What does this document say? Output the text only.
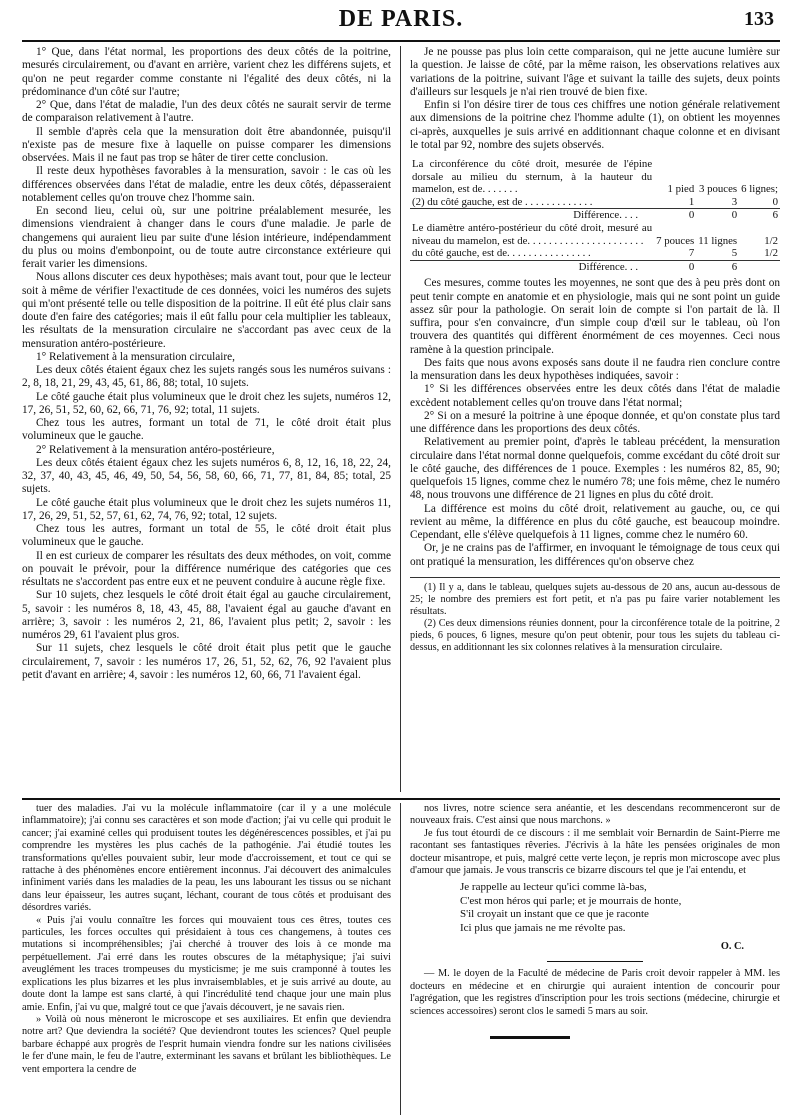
DE PARIS.	133

1° Que, dans l'état normal, les proportions des deux côtés de la poitrine, mesurés circulairement, ou d'avant en arrière, varient chez les différens sujets, et qu'on ne peut regarder comme constante ni l'égalité des deux côtés, ni la prédominance d'un côté sur l'autre;

2° Que, dans l'état de maladie, l'un des deux côtés ne saurait servir de terme de comparaison relativement à l'autre.

Il semble d'après cela que la mensuration doit être abandonnée, puisqu'il n'existe pas de mesure fixe à laquelle on puisse comparer les dimensions observées. Mais il ne faut pas trop se hâter de tirer cette conclusion.

Il reste deux hypothèses favorables à la mensuration, savoir : le cas où les différences observées dans l'état de maladie, entre les deux côtés, dépasseraient notablement celles qu'on trouve chez l'homme sain.

En second lieu, celui où, sur une poitrine préalablement mesurée, les dimensions viendraient à changer dans le cours d'une maladie. Je parle de changemens qui auraient lieu par suite d'une lésion intérieure, indépendamment du plus ou moins d'embonpoint, ou de toute autre circonstance extérieure qui ferait varier les dimensions.

Nous allons discuter ces deux hypothèses; mais avant tout, pour que le lecteur soit à même de vérifier l'exactitude de ces données, voici les numéros des sujets qui m'ont présenté telle ou telle disposition de la poitrine. Il eût été plus clair sans doute d'en faire des catégories; mais il eût fallu pour cela multiplier les tableaux, les résultats de la mensuration circulaire ne s'accordant pas avec ceux de la mensuration antéro-postérieure.

1° Relativement à la mensuration circulaire,

Les deux côtés étaient égaux chez les sujets rangés sous les numéros suivans : 2, 8, 18, 21, 29, 43, 45, 61, 86, 88; total, 10 sujets.

Le côté gauche était plus volumineux que le droit chez les sujets, numéros 12, 17, 26, 51, 52, 60, 62, 66, 71, 76, 92; total, 11 sujets.

Chez tous les autres, formant un total de 71, le côté droit était plus volumineux que le gauche.

2° Relativement à la mensuration antéro-postérieure,

Les deux côtés étaient égaux chez les sujets numéros 6, 8, 12, 16, 18, 22, 24, 32, 37, 40, 43, 45, 46, 49, 50, 54, 56, 58, 60, 66, 71, 77, 81, 84, 85; total, 25 sujets.

Le côté gauche était plus volumineux que le droit chez les sujets numéros 11, 17, 26, 29, 51, 52, 57, 61, 62, 74, 76, 92; total, 12 sujets.

Chez tous les autres, formant un total de 55, le côté droit était plus volumineux que le gauche.

Il en est curieux de comparer les résultats des deux méthodes, on voit, comme on pouvait le prévoir, pour la différence numérique des catégories que ces résultats ne s'accordent pas entre eux et ne peuvent conduire à aucune règle fixe.

Sur 10 sujets, chez lesquels le côté droit était égal au gauche circulairement, 5, savoir : les numéros 8, 18, 43, 45, 88, l'avaient égal au gauche d'avant en arrière; 3, savoir : les numéros 2, 21, 86, l'avaient plus petit; 2, savoir : les numéros 29, 61 l'avaient plus gros.

Sur 11 sujets, chez lesquels le côté droit était plus petit que le gauche circulairement, 7, savoir : les numéros 17, 26, 51, 52, 62, 76, 92 l'avaient plus petit d'avant en arrière; 4, savoir : les numéros 12, 60, 66, 71 l'avaient égal.

Je ne pousse pas plus loin cette comparaison, qui ne jette aucune lumière sur la question. Je laisse de côté, par la même raison, les observations relatives aux variations de la poitrine, suivant l'âge et suivant la taille des sujets, deux points d'ailleurs sur lesquels je n'ai rien trouvé de bien fixe.

Enfin si l'on désire tirer de tous ces chiffres une notion générale relativement aux dimensions de la poitrine chez l'homme adulte (1), on obtient les moyennes ci-après, auxquelles je suis arrivé en additionnant chaque colonne et en divisant le total par 92, nombre des sujets observés.

La circonférence du côté droit, mesurée de l'épine dorsale au milieu du sternum, à la hauteur du mamelon, est de. . . . . . .	1 pied	3 pouces	6 lignes;
(2) du côté gauche, est de . . . . . . . . . . . . .	1	3	0
Différence. . . .	0	0	6
Le diamètre antéro-postérieur du côté droit, mesuré au niveau du mamelon, est de. . . . . . . . . . . . . . . . . . . . . .	7 pouces	11 lignes	1/2
du côté gauche, est de. . . . . . . . . . . . . . . .	7	5	1/2
Différence. . .	0	6	

Ces mesures, comme toutes les moyennes, ne sont que des à peu près dont on peut tenir compte en anatomie et en physiologie, mais qui ne sont point un guide assez sûr pour la pathologie. On serait loin de compte si l'on partait de là. Il suffira, pour s'en convaincre, d'un simple coup d'œil sur le tableau, où l'on trouvera des quantités qui diffèrent énormément de ces moyennes. Ceci nous ramène à la question principale.

Des faits que nous avons exposés sans doute il ne faudra rien conclure contre la mensuration dans les deux hypothèses indiquées, savoir :

1° Si les différences observées entre les deux côtés dans l'état de maladie excèdent notablement celles qu'on trouve dans l'état normal;

2° Si on a mesuré la poitrine à une époque donnée, et qu'on constate plus tard une différence dans les proportions des deux côtés.

Relativement au premier point, d'après le tableau précédent, la mensuration circulaire dans l'état normal donne quelquefois, comme excédant du côté droit sur le côté gauche, des différences de 1 pouce. Exemples : les numéros 82, 85, 90; quelquefois 15 lignes, comme chez le numéro 78; une fois même, chez le numéro 48, nous trouvons une différence de 21 lignes en plus du côté droit.

La différence est moins du côté droit, relativement au gauche, ou, ce qui revient au même, la différence en plus du côté gauche, est beaucoup moindre. Cependant, elle s'élève quelquefois à 11 lignes, comme chez le numéro 60.

Or, je ne crains pas de l'affirmer, en invoquant le témoignage de tous ceux qui ont pratiqué la mensuration, les différences qu'on observe chez

(1) Il y a, dans le tableau, quelques sujets au-dessous de 20 ans, aucun au-dessous de 25; le nombre des premiers est fort petit, et n'a pas pu faire varier notablement les résultats.

(2) Ces deux dimensions réunies donnent, pour la circonférence totale de la poitrine, 2 pieds, 6 pouces, 6 lignes, mesure qu'on peut obtenir, pour tous les sujets du tableau ci-dessus, en additionnant les six colonnes relatives à la mensuration circulaire.

tuer des maladies. J'ai vu la molécule inflammatoire (car il y a une molécule inflammatoire); j'ai connu ses caractères et son mode d'action; j'ai vu celle qui produit le cancer; j'ai examiné celles qui produisent toutes les dégénérescences possibles, et j'ai pu comprendre les mystères les plus cachés de la pathogénie. J'ai étudié toutes les transformations qu'elles pouvaient subir, leur mode d'accroissement, et tout ce qui se rattache à des phénomènes encore entièrement inconnus. J'ai découvert des animalcules infiniment variés dans les maladies de la peau, les uns labourant les tissus ou se nichant dans leur épaisseur, les autres suçant, léchant, courant de tous côtés et produisant des désordres variés.

« Puis j'ai voulu connaître les forces qui mouvaient tous ces êtres, toutes ces particules, les forces occultes qui présidaient à tous ces changemens, à toutes ces mutations si incompréhensibles; j'ai cherché à trouver des lois à ce monde ma perpétuellement. J'ai erré dans les routes obscures de la métaphysique; j'ai suivi aveuglément les traces trompeuses du mysticisme; je me suis cramponné à toutes les explications les plus bizarres et les plus invraisemblables, et je suis arrivé au doute, au doute dont la lampe est sans clarté, à qui l'incrédulité tend chaque jour une main plus amie. Enfin, j'ai vu que, malgré tout ce que j'avais découvert, je ne savais rien.

» Voilà où nous mèneront le microscope et ses auxiliaires. Et enfin que deviendra notre art? Que deviendra la société? Que deviendront toutes les sciences? Quel peuple barbare échappé aux progrès de l'esprit humain viendra fondre sur les nations civilisées le fer d'une main, le feu de l'autre, exterminant les savans et brûlant les bibliothèques. Le vent emportera la cendre de

nos livres, notre science sera anéantie, et les descendans recommenceront sur de nouveaux frais. C'est ainsi que nous marchons. »

Je fus tout étourdi de ce discours : il me semblait voir Bernardin de Saint-Pierre me racontant ses fantastiques rêveries. J'écrivis à la hâte les pensées originales de mon docteur misantrope, et puis, malgré cette verte leçon, je repris mon microscope avec plus d'amour que jamais. Je vous transcris ce bizarre discours tel que je l'ai entendu, et

Je rappelle au lecteur qu'ici comme là-bas,
C'est mon héros qui parle; et je mourrais de honte,
S'il croyait un instant que ce que je raconte
Ici plus que jamais ne me révolte pas.
O. C.

— M. le doyen de la Faculté de médecine de Paris croit devoir rappeler à MM. les docteurs en médecine et en chirurgie qui auraient intention de concourir pour l'agrégation, que les registres d'inscription pour les trois sections (médecine, chirurgie et sciences accessoires) seront clos le samedi 5 mars au soir.
